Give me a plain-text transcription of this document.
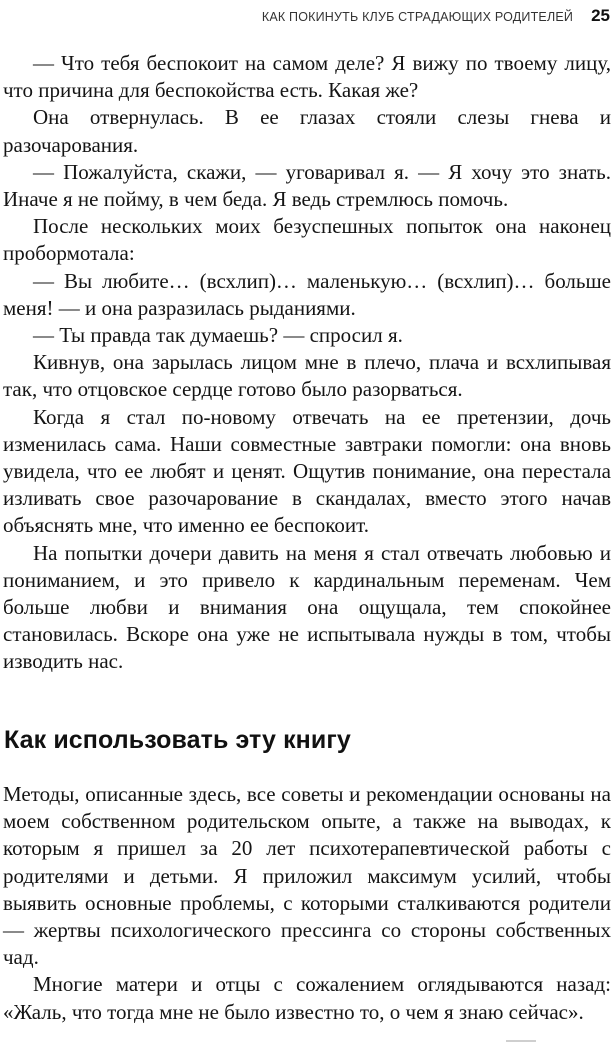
КАК ПОКИНУТЬ КЛУБ СТРАДАЮЩИХ РОДИТЕЛЕЙ 25

— Что тебя беспокоит на самом деле? Я вижу по твоему лицу, что причина для беспокойства есть. Какая же?

Она отвернулась. В ее глазах стояли слезы гнева и разочарования.

— Пожалуйста, скажи, — уговаривал я. — Я хочу это знать. Иначе я не пойму, в чем беда. Я ведь стремлюсь помочь.

После нескольких моих безуспешных попыток она наконец пробормотала:

— Вы любите… (всхлип)… маленькую… (всхлип)… больше меня! — и она разразилась рыданиями.

— Ты правда так думаешь? — спросил я.

Кивнув, она зарылась лицом мне в плечо, плача и всхлипывая так, что отцовское сердце готово было разорваться.

Когда я стал по-новому отвечать на ее претензии, дочь изменилась сама. Наши совместные завтраки помогли: она вновь увидела, что ее любят и ценят. Ощутив понимание, она перестала изливать свое разочарование в скандалах, вместо этого начав объяснять мне, что именно ее беспокоит.

На попытки дочери давить на меня я стал отвечать любовью и пониманием, и это привело к кардинальным переменам. Чем больше любви и внимания она ощущала, тем спокойнее становилась. Вскоре она уже не испытывала нужды в том, чтобы изводить нас.

Как использовать эту книгу

Методы, описанные здесь, все советы и рекомендации основаны на моем собственном родительском опыте, а также на выводах, к которым я пришел за 20 лет психотерапевтической работы с родителями и детьми. Я приложил максимум усилий, чтобы выявить основные проблемы, с которыми сталкиваются родители — жертвы психологического прессинга со стороны собственных чад.

Многие матери и отцы с сожалением оглядываются назад: «Жаль, что тогда мне не было известно то, о чем я знаю сейчас».
